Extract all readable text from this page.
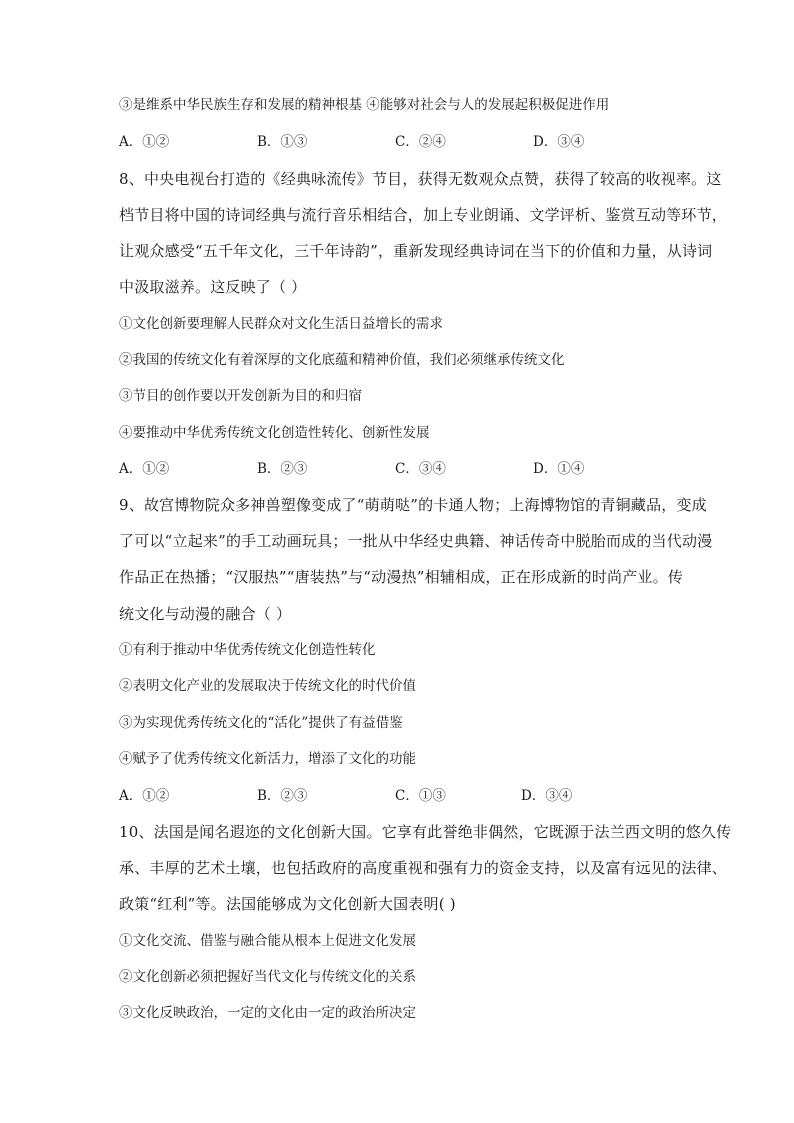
③是维系中华民族生存和发展的精神根基 ④能够对社会与人的发展起积极促进作用
A．①②	B．①③	C．②④	D．③④
8、中央电视台打造的《经典咏流传》节目，获得无数观众点赞，获得了较高的收视率。这
档节目将中国的诗词经典与流行音乐相结合，加上专业朗诵、文学评析、鉴赏互动等环节，
让观众感受“五千年文化，三千年诗韵”，重新发现经典诗词在当下的价值和力量，从诗词
中汲取滋养。这反映了（ ）
①文化创新要理解人民群众对文化生活日益增长的需求
②我国的传统文化有着深厚的文化底蕴和精神价值，我们必须继承传统文化
③节目的创作要以开发创新为目的和归宿
④要推动中华优秀传统文化创造性转化、创新性发展
A．①②	B．②③	C．③④	D．①④
9、故宫博物院众多神兽塑像变成了“萌萌哒”的卡通人物；上海博物馆的青铜藏品，变成
了可以“立起来”的手工动画玩具；一批从中华经史典籍、神话传奇中脱胎而成的当代动漫
作品正在热播；“汉服热”“唐装热”与“动漫热”相辅相成，正在形成新的时尚产业。传
统文化与动漫的融合（ ）
①有利于推动中华优秀传统文化创造性转化
②表明文化产业的发展取决于传统文化的时代价值
③为实现优秀传统文化的“活化”提供了有益借鉴
④赋予了优秀传统文化新活力，增添了文化的功能
A．①②	B．②③	C．①③	D．③④
10、法国是闻名遐迩的文化创新大国。它享有此誉绝非偶然，它既源于法兰西文明的悠久传
承、丰厚的艺术土壤，也包括政府的高度重视和强有力的资金支持，以及富有远见的法律、
政策“红利”等。法国能够成为文化创新大国表明( )
①文化交流、借鉴与融合能从根本上促进文化发展
②文化创新必须把握好当代文化与传统文化的关系
③文化反映政治，一定的文化由一定的政治所决定
